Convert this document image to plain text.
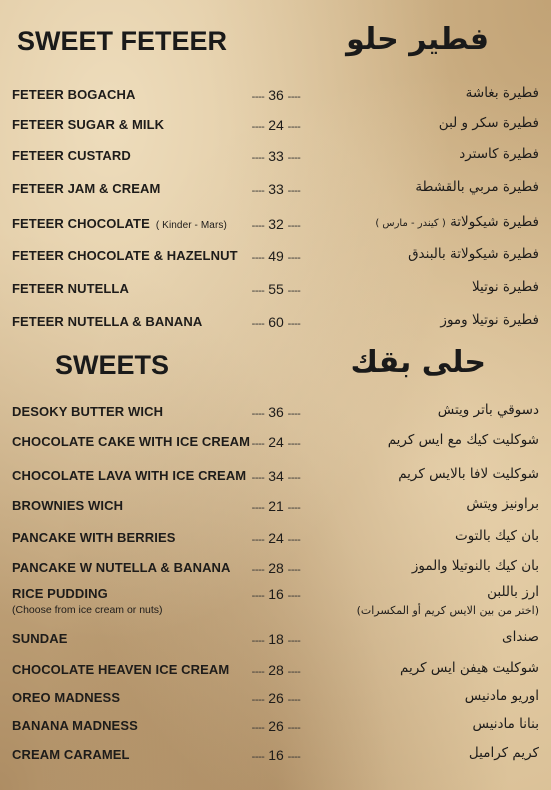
SWEET FETEER	فطير حلو
SWEETS	حلى بقك
FETEER BOGACHA	---- 36 ----	فطيرة بغاشة
FETEER SUGAR & MILK	---- 24 ----	فطيرة سكر و لبن
FETEER CUSTARD	---- 33 ----	فطيرة كاسترد
FETEER JAM & CREAM	---- 33 ----	فطيرة مربي بالقشطة
FETEER CHOCOLATE ( Kinder - Mars)	---- 32 ----	فطيرة شيكولاتة ( كيندر - مارس )
FETEER CHOCOLATE & HAZELNUT	---- 49 ----	فطيرة شيكولاتة بالبندق
FETEER NUTELLA	---- 55 ----	فطيرة نوتيلا
FETEER NUTELLA & BANANA	---- 60 ----	فطيرة نوتيلا وموز
DESOKY BUTTER WICH	---- 36 ----	دسوقي باتر ويتش
CHOCOLATE CAKE WITH ICE CREAM ---- 24 ----	شوكليت كيك مع ايس كريم
CHOCOLATE LAVA WITH ICE CREAM ---- 34 ----	شوكليت لافا بالايس كريم
BROWNIES WICH	---- 21 ----	براونيز ويتش
PANCAKE WITH BERRIES	---- 24 ----	بان كيك بالتوت
PANCAKE W NUTELLA & BANANA	---- 28 ----	بان كيك بالنوتيلا والموز
RICE PUDDING	---- 16 ----	ارز باللبن
(Choose from ice cream or nuts)	(اختر من بين الايس كريم أو المكسرات)
SUNDAE	---- 18 ----	صنداى
CHOCOLATE HEAVEN ICE CREAM	---- 28 ----	شوكليت هيفن ايس كريم
OREO MADNESS	---- 26 ----	اوريو مادنيس
BANANA MADNESS	---- 26 ----	بنانا مادنيس
CREAM CARAMEL	---- 16 ----	كريم كراميل
